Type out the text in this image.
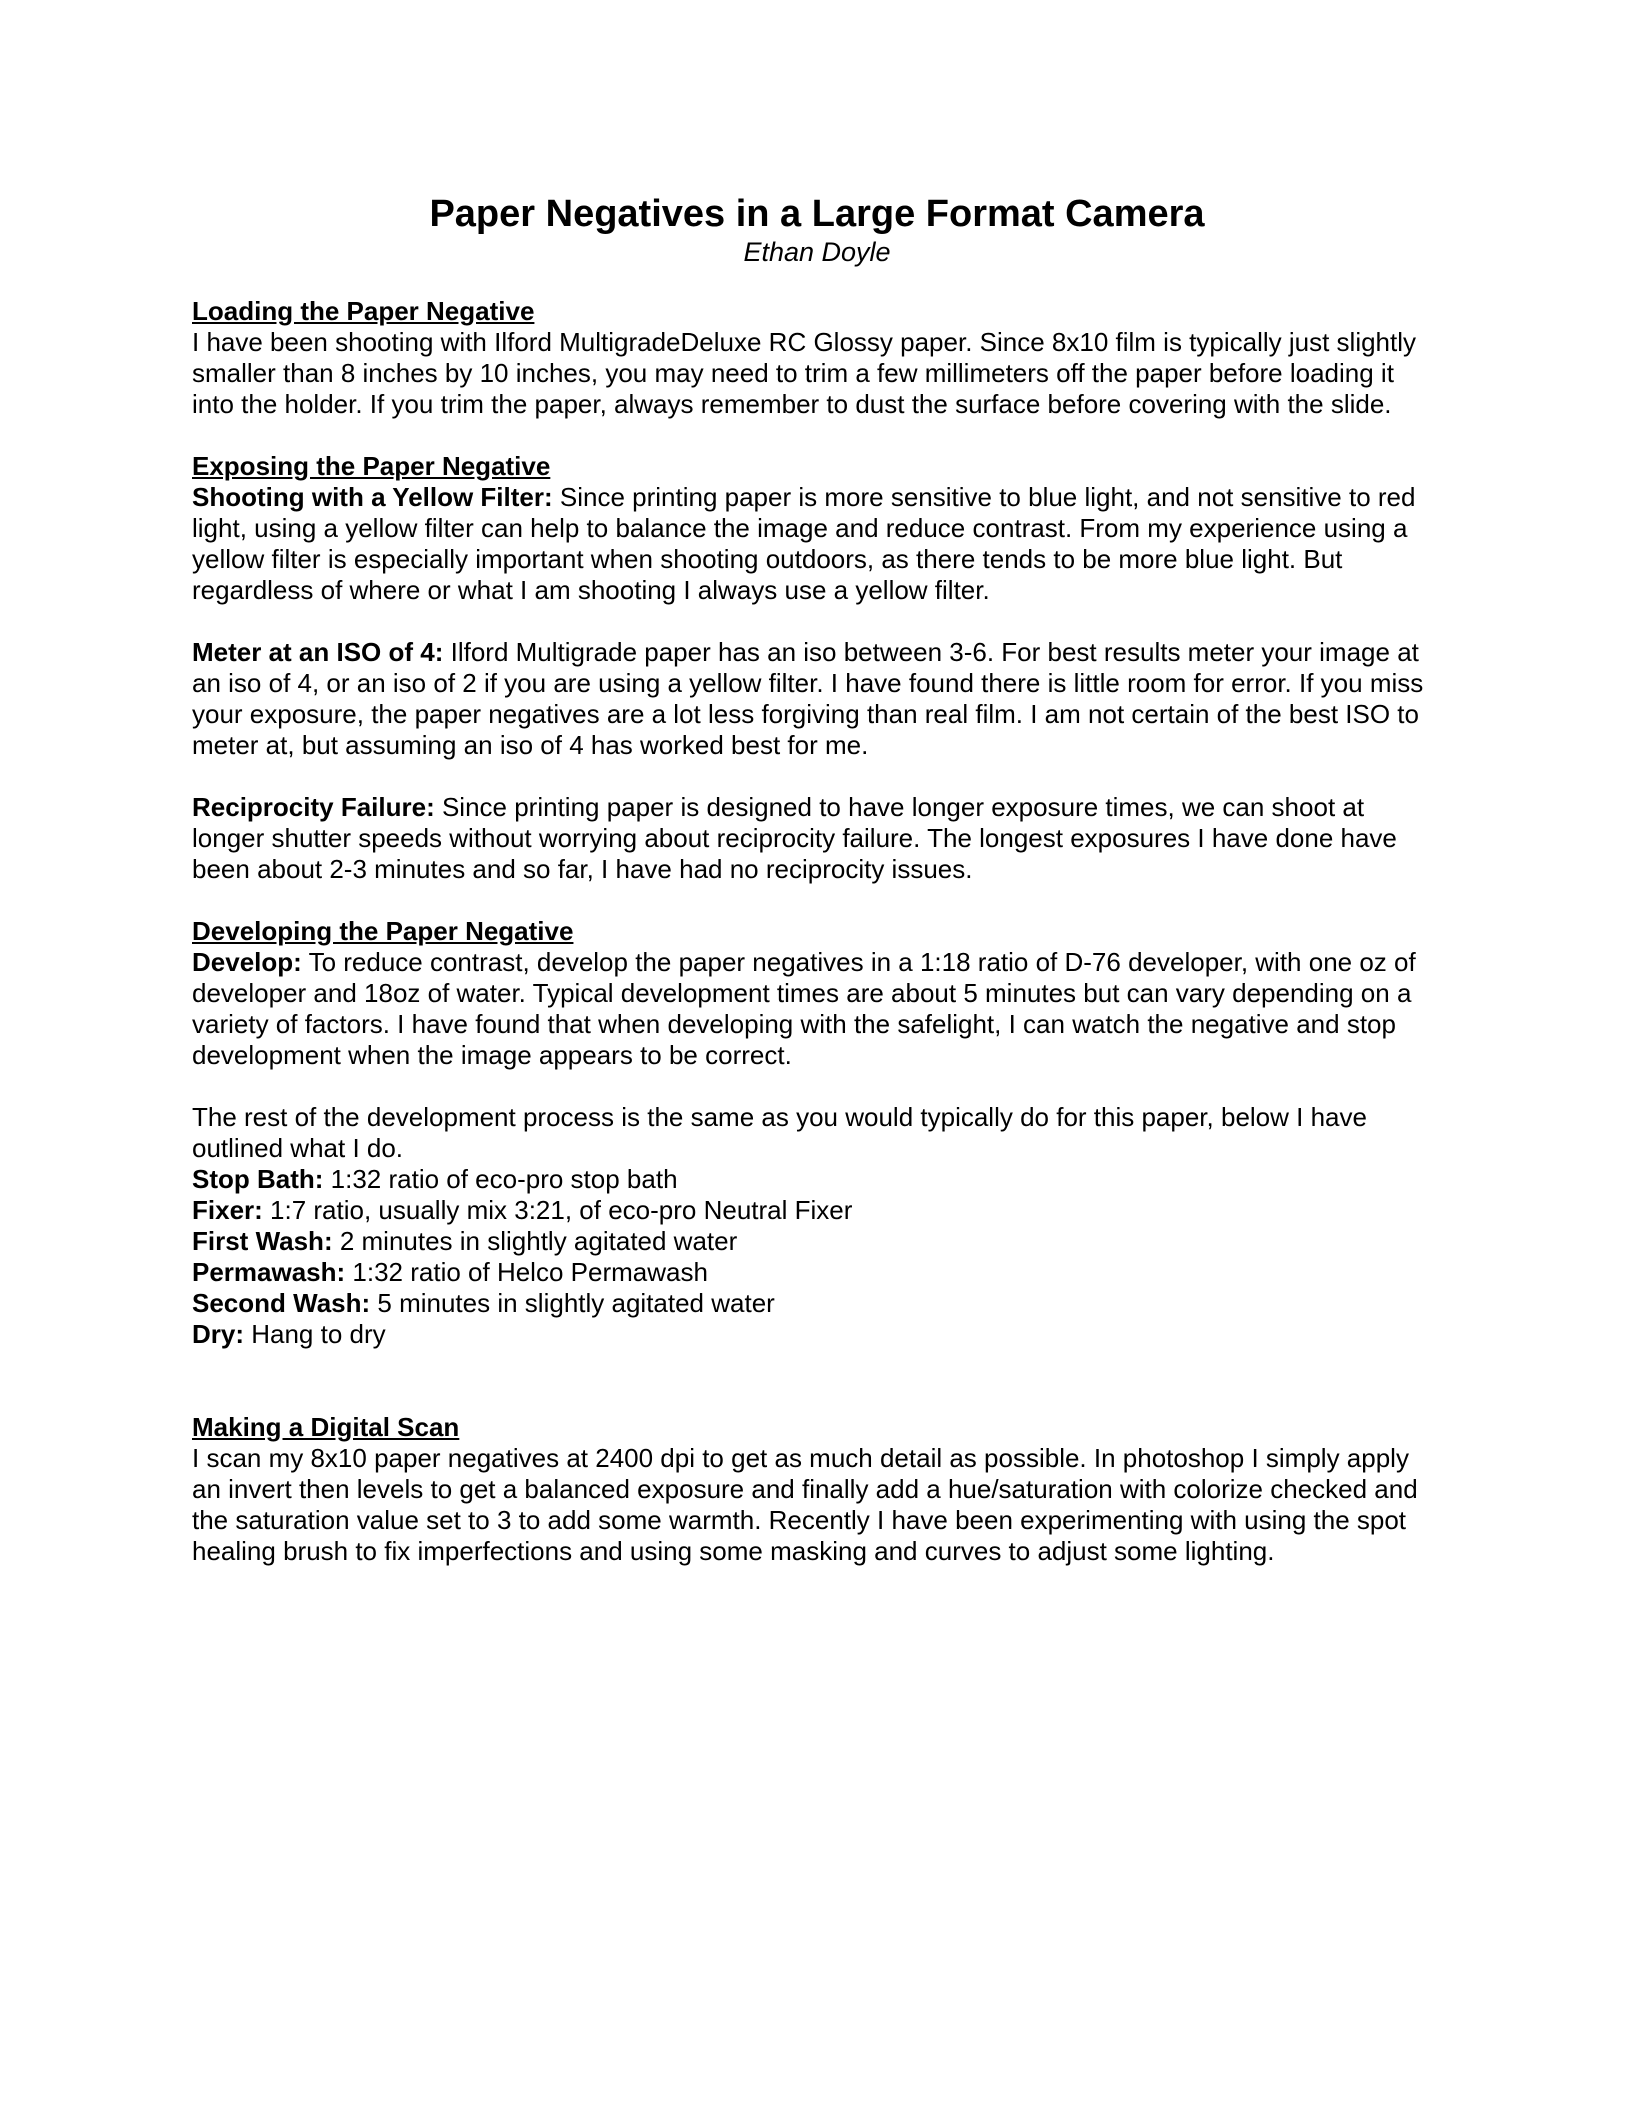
Paper Negatives in a Large Format Camera

Ethan Doyle

Loading the Paper Negative

I have been shooting with Ilford MultigradeDeluxe RC Glossy paper. Since 8x10 film is typically just slightly smaller than 8 inches by 10 inches, you may need to trim a few millimeters off the paper before loading it into the holder. If you trim the paper, always remember to dust the surface before covering with the slide.

Exposing the Paper Negative

Shooting with a Yellow Filter: Since printing paper is more sensitive to blue light, and not sensitive to red light, using a yellow filter can help to balance the image and reduce contrast. From my experience using a yellow filter is especially important when shooting outdoors, as there tends to be more blue light. But regardless of where or what I am shooting I always use a yellow filter.

Meter at an ISO of 4: Ilford Multigrade paper has an iso between 3-6. For best results meter your image at an iso of 4, or an iso of 2 if you are using a yellow filter. I have found there is little room for error. If you miss your exposure, the paper negatives are a lot less forgiving than real film. I am not certain of the best ISO to meter at, but assuming an iso of 4 has worked best for me.

Reciprocity Failure: Since printing paper is designed to have longer exposure times, we can shoot at longer shutter speeds without worrying about reciprocity failure. The longest exposures I have done have been about 2-3 minutes and so far, I have had no reciprocity issues.

Developing the Paper Negative

Develop: To reduce contrast, develop the paper negatives in a 1:18 ratio of D-76 developer, with one oz of developer and 18oz of water. Typical development times are about 5 minutes but can vary depending on a variety of factors. I have found that when developing with the safelight, I can watch the negative and stop development when the image appears to be correct.

The rest of the development process is the same as you would typically do for this paper, below I have outlined what I do.

Stop Bath: 1:32 ratio of eco-pro stop bath

Fixer: 1:7 ratio, usually mix 3:21, of eco-pro Neutral Fixer

First Wash: 2 minutes in slightly agitated water

Permawash: 1:32 ratio of Helco Permawash

Second Wash: 5 minutes in slightly agitated water

Dry: Hang to dry

Making a Digital Scan

I scan my 8x10 paper negatives at 2400 dpi to get as much detail as possible. In photoshop I simply apply an invert then levels to get a balanced exposure and finally add a hue/saturation with colorize checked and the saturation value set to 3 to add some warmth. Recently I have been experimenting with using the spot healing brush to fix imperfections and using some masking and curves to adjust some lighting.
